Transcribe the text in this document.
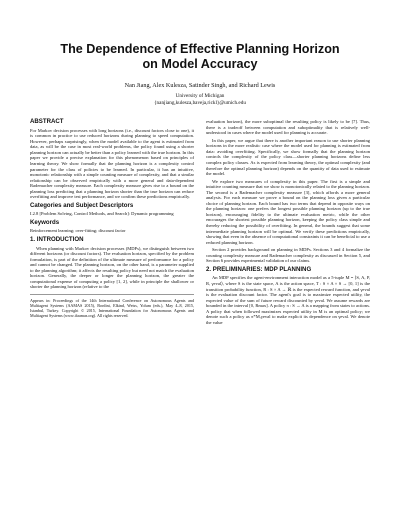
The Dependence of Effective Planning Horizon
on Model Accuracy
Nan Jiang, Alex Kulesza, Satinder Singh, and Richard Lewis
University of Michigan
{nanjiang,kulesza,baveja,rickl}@umich.edu
ABSTRACT

For Markov decision processes with long horizons (i.e., discount factors close to one), it is common in practice to use reduced horizons during planning to speed computation. However, perhaps surprisingly, when the model available to the agent is estimated from data, as will be the case in most real-world problems, the policy found using a shorter planning horizon can actually be better than a policy learned with the true horizon. In this paper we provide a precise explanation for this phenomenon based on principles of learning theory. We show formally that the planning horizon is a complexity control parameter for the class of policies to be learned. In particular, it has an intuitive, monotonic relationship with a simple counting measure of complexity, and that a similar relationship can be observed empirically with a more general and data-dependent Rademacher complexity measure. Each complexity measure gives rise to a bound on the planning loss predicting that a planning horizon shorter than the true horizon can reduce overfitting and improve test performance, and we confirm these predictions empirically.

Categories and Subject Descriptors

I.2.8 [Problem Solving, Control Methods, and Search]: Dynamic programming

Keywords

Reinforcement learning; over-fitting; discount factor

1. INTRODUCTION

When planning with Markov decision processes (MDPs), we distinguish between two different horizons (or discount factors). The evaluation horizon, specified by the problem formulation, is part of the definition of the ultimate measure of performance for a policy and cannot be changed. The planning horizon, on the other hand, is a parameter supplied to the planning algorithm; it affects the resulting policy but need not match the evaluation horizon. Generally, the deeper or longer the planning horizon, the greater the computational expense of computing a policy [1, 2], while in principle the shallower or shorter the planning horizon (relative to the

Appears in: Proceedings of the 14th International Conference on Autonomous Agents and Multiagent Systems (AAMAS 2015), Bordini, Elkind, Weiss, Yolum (eds.), May 4–8, 2015, Istanbul, Turkey. Copyright © 2015, International Foundation for Autonomous Agents and Multiagent Systems (www.ifaamas.org). All rights reserved.

evaluation horizon), the more suboptimal the resulting policy is likely to be [7]. Thus, there is a tradeoff between computation and suboptimality that is relatively well-understood in cases where the model used for planning is accurate.

In this paper, we argue that there is another important reason to use shorter planning horizons in the more realistic case where the model used for planning is estimated from data: avoiding overfitting. Specifically, we show formally that the planning horizon controls the complexity of the policy class—shorter planning horizons define less complex policy classes. As is expected from learning theory, the optimal complexity (and therefore the optimal planning horizon) depends on the quantity of data used to estimate the model.

We explore two measures of complexity in this paper. The first is a simple and intuitive counting measure that we show is monotonically related to the planning horizon. The second is a Rademacher complexity measure [3], which affords a more general analysis. For each measure we prove a bound on the planning loss given a particular choice of planning horizon. Each bound has two terms that depend in opposite ways on the planning horizon: one prefers the longest possible planning horizon (up to the true horizon), encouraging fidelity to the ultimate evaluation metric, while the other encourages the shortest possible planning horizon, keeping the policy class simple and thereby reducing the possibility of overfitting. In general, the bounds suggest that some intermediate planning horizon will be optimal. We verify these predictions empirically, showing that even in the absence of computational constraints it can be beneficial to use a reduced planning horizon.

Section 2 provides background on planning in MDPs. Sections 3 and 4 formalize the counting complexity measure and Rademacher complexity as discussed in Section 5, and Section 6 provides experimental validation of our claims.

2. PRELIMINARIES: MDP PLANNING

An MDP specifies the agent-environment interaction model as a 5-tuple M = ⟨S, A, P, R, γeval⟩, where S is the state space, A is the action space, T : S × A × S → [0, 1] is the transition probability function, R : S × A → ℝ is the expected reward function, and γeval is the evaluation discount factor. The agent's goal is to maximize expected utility, the expected value of the sum of future reward discounted by γeval. We assume rewards are bounded in the interval [0, Rmax]. A policy π : S → A is a mapping from states to actions. A policy that when followed maximizes expected utility in M is an optimal policy; we denote such a policy as π*M,γeval to make explicit its dependence on γeval. We denote the value
